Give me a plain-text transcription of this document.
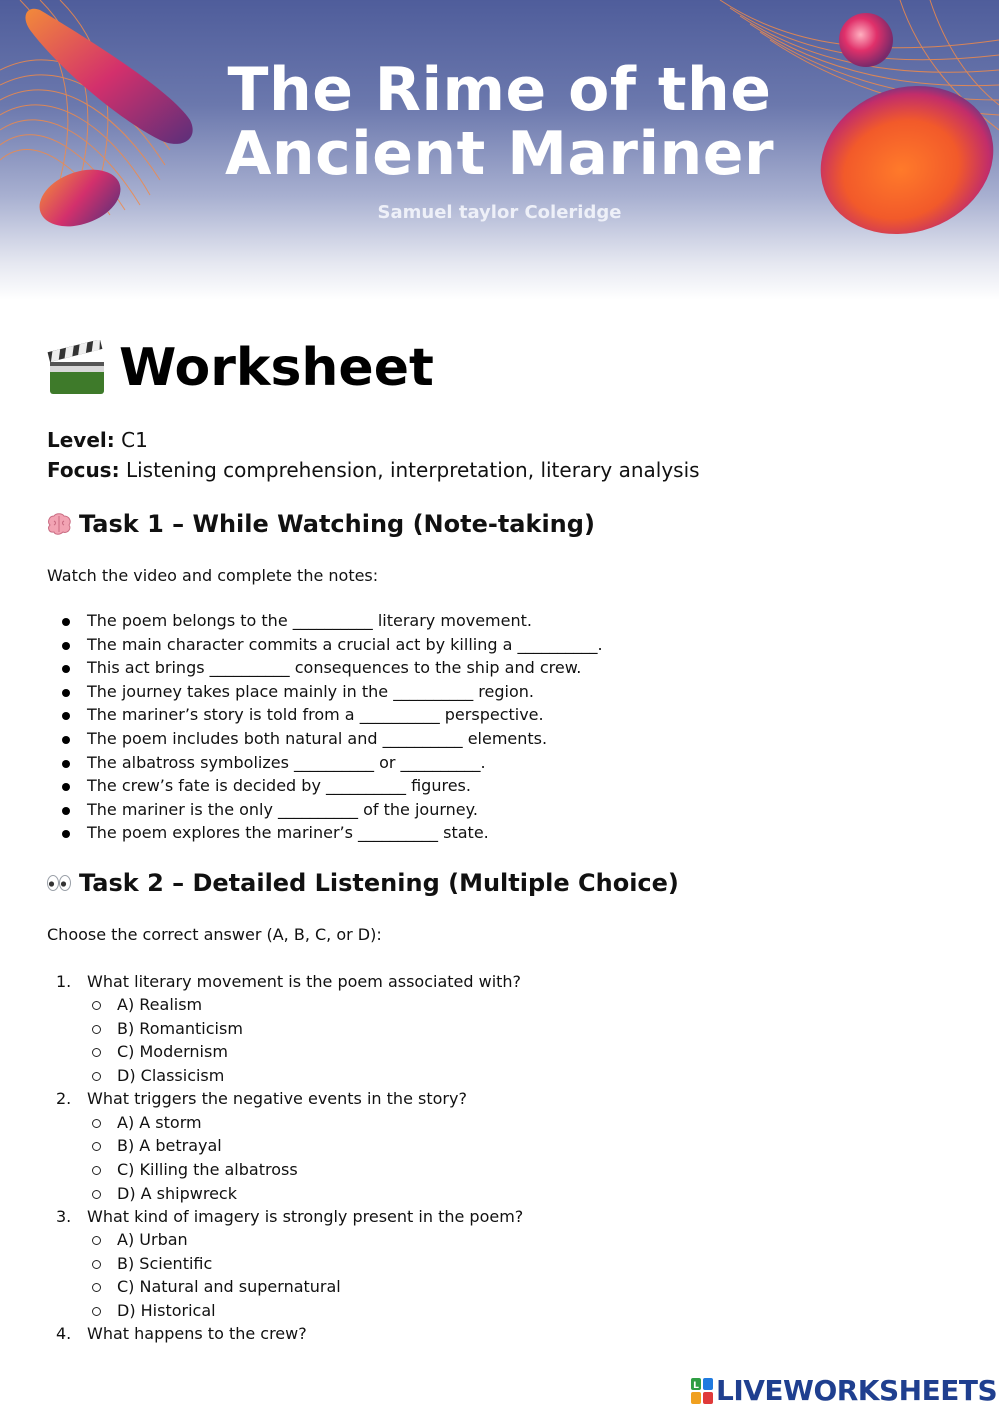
The Rime of the
Ancient Mariner
Samuel taylor Coleridge
Worksheet
Level: C1
Focus: Listening comprehension, interpretation, literary analysis
Task 1 – While Watching (Note-taking)
Watch the video and complete the notes:
The poem belongs to the __________ literary movement.
The main character commits a crucial act by killing a __________.
This act brings __________ consequences to the ship and crew.
The journey takes place mainly in the __________ region.
The mariner’s story is told from a __________ perspective.
The poem includes both natural and __________ elements.
The albatross symbolizes __________ or __________.
The crew’s fate is decided by __________ figures.
The mariner is the only __________ of the journey.
The poem explores the mariner’s __________ state.
Task 2 – Detailed Listening (Multiple Choice)
Choose the correct answer (A, B, C, or D):
1. What literary movement is the poem associated with?
A) Realism
B) Romanticism
C) Modernism
D) Classicism
2. What triggers the negative events in the story?
A) A storm
B) A betrayal
C) Killing the albatross
D) A shipwreck
3. What kind of imagery is strongly present in the poem?
A) Urban
B) Scientific
C) Natural and supernatural
D) Historical
4. What happens to the crew?
L LIVEWORKSHEETS
